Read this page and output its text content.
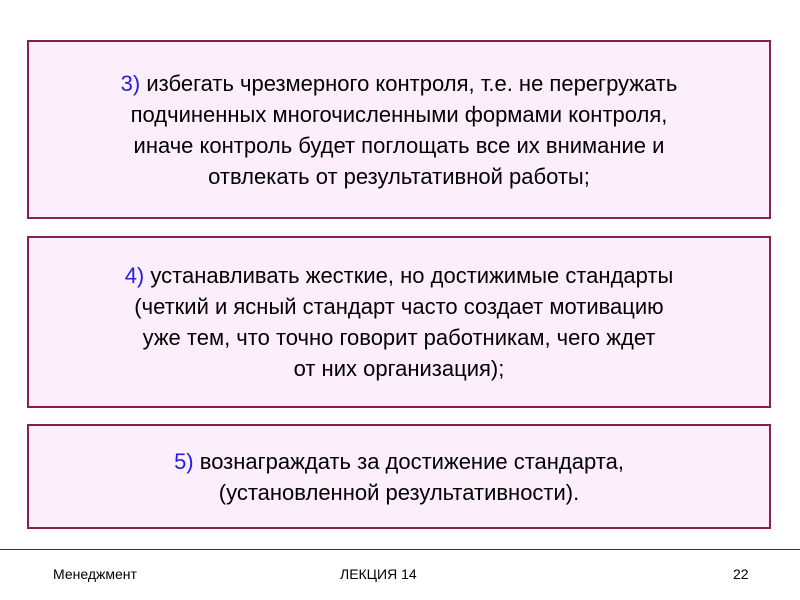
3) избегать чрезмерного контроля, т.е. не перегружать
подчиненных многочисленными формами контроля,
иначе контроль будет поглощать все их внимание и
отвлекать от результативной работы;
4) устанавливать жесткие, но достижимые стандарты
(четкий и ясный стандарт часто создает мотивацию
уже тем, что точно говорит работникам, чего ждет
от них организация);
5) вознаграждать за достижение стандарта,
(установленной результативности).
Менеджмент	ЛЕКЦИЯ 14	22
